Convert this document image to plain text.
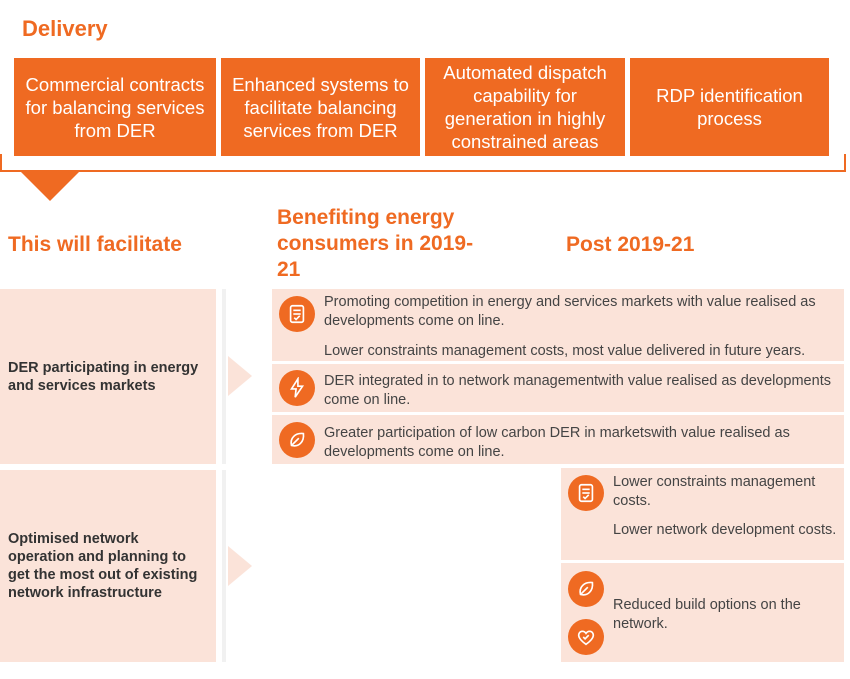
Delivery
Commercial contracts for balancing services from DER
Enhanced systems to facilitate balancing services from DER
Automated dispatch capability for generation in highly constrained areas
RDP identification process
This will facilitate
Benefiting energy consumers in 2019-21
Post 2019-21
DER participating in energy and services markets
Promoting competition in energy and services markets with value realised as developments come on line.
Lower constraints management costs, most value delivered in future years.
DER integrated in to network managementwith value realised as developments come on line.
Greater participation of low carbon DER in marketswith value realised as developments come on line.
Optimised network operation and planning to get the most out of existing network infrastructure
Lower constraints management costs.
Lower network development costs.
Reduced build options on the network.
